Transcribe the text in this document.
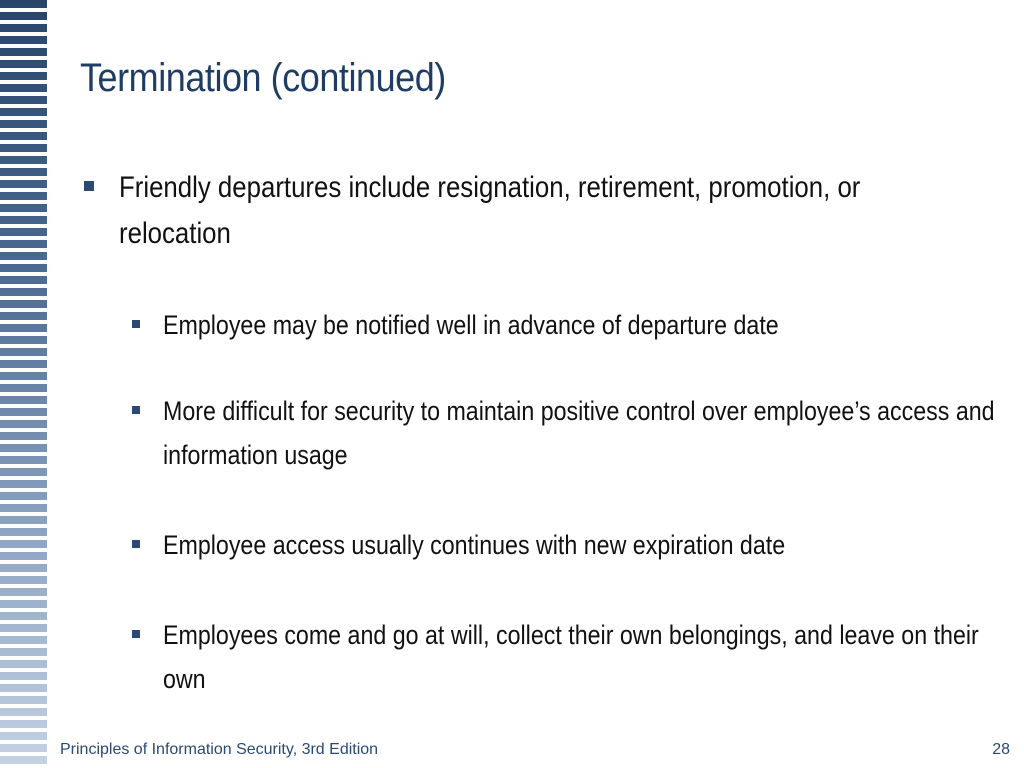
Termination (continued)
Friendly departures include resignation, retirement, promotion, or relocation
Employee may be notified well in advance of departure date
More difficult for security to maintain positive control over employee’s access and information usage
Employee access usually continues with new expiration date
Employees come and go at will, collect their own belongings, and leave on their own
Principles of Information Security, 3rd Edition	28
